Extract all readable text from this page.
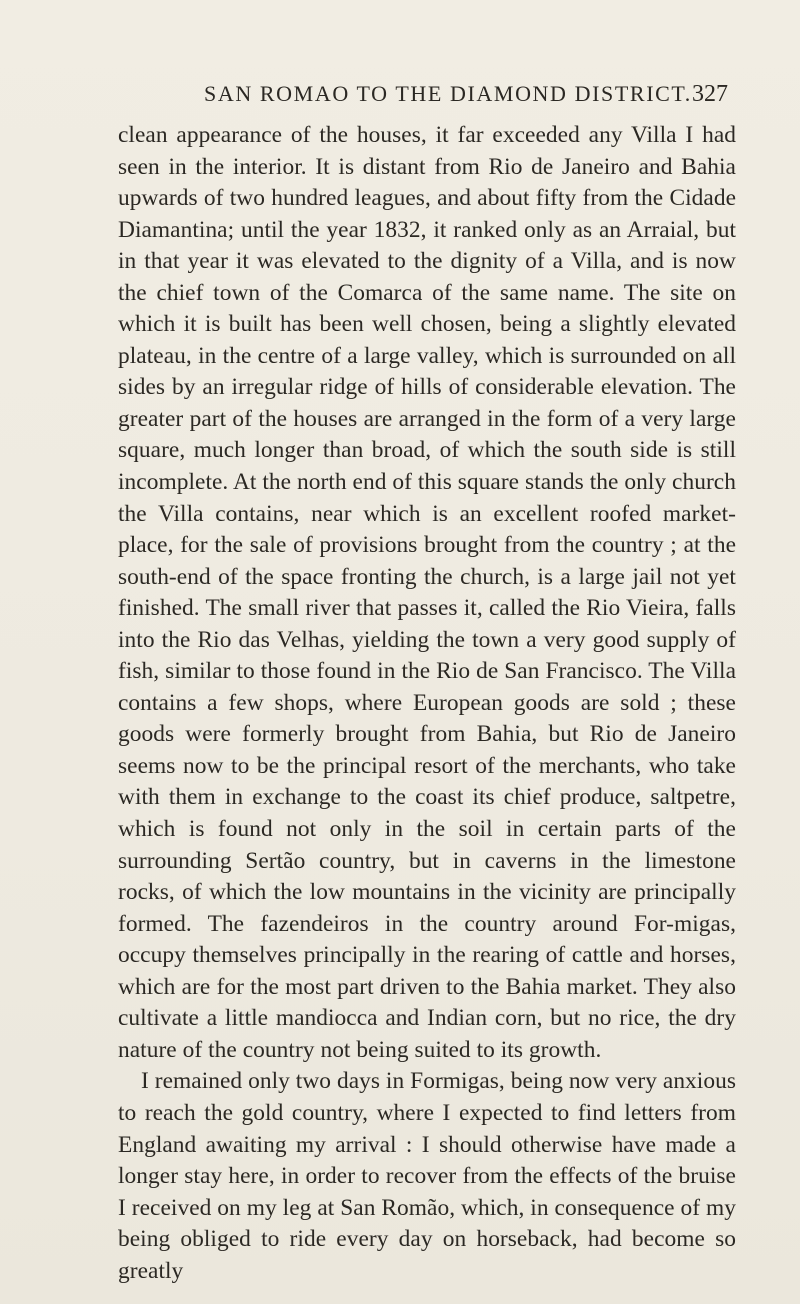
SAN ROMAO TO THE DIAMOND DISTRICT. 327

clean appearance of the houses, it far exceeded any Villa I had seen in the interior. It is distant from Rio de Janeiro and Bahia upwards of two hundred leagues, and about fifty from the Cidade Diamantina; until the year 1832, it ranked only as an Arraial, but in that year it was elevated to the dignity of a Villa, and is now the chief town of the Comarca of the same name. The site on which it is built has been well chosen, being a slightly elevated plateau, in the centre of a large valley, which is surrounded on all sides by an irregular ridge of hills of considerable elevation. The greater part of the houses are arranged in the form of a very large square, much longer than broad, of which the south side is still incomplete. At the north end of this square stands the only church the Villa contains, near which is an excellent roofed market-place, for the sale of provisions brought from the country ; at the south-end of the space fronting the church, is a large jail not yet finished. The small river that passes it, called the Rio Vieira, falls into the Rio das Velhas, yielding the town a very good supply of fish, similar to those found in the Rio de San Francisco. The Villa contains a few shops, where European goods are sold ; these goods were formerly brought from Bahia, but Rio de Janeiro seems now to be the principal resort of the merchants, who take with them in exchange to the coast its chief produce, saltpetre, which is found not only in the soil in certain parts of the surrounding Sertão country, but in caverns in the limestone rocks, of which the low mountains in the vicinity are principally formed. The fazendeiros in the country around For-migas, occupy themselves principally in the rearing of cattle and horses, which are for the most part driven to the Bahia market. They also cultivate a little mandiocca and Indian corn, but no rice, the dry nature of the country not being suited to its growth.

I remained only two days in Formigas, being now very anxious to reach the gold country, where I expected to find letters from England awaiting my arrival : I should otherwise have made a longer stay here, in order to recover from the effects of the bruise I received on my leg at San Romão, which, in consequence of my being obliged to ride every day on horseback, had become so greatly
